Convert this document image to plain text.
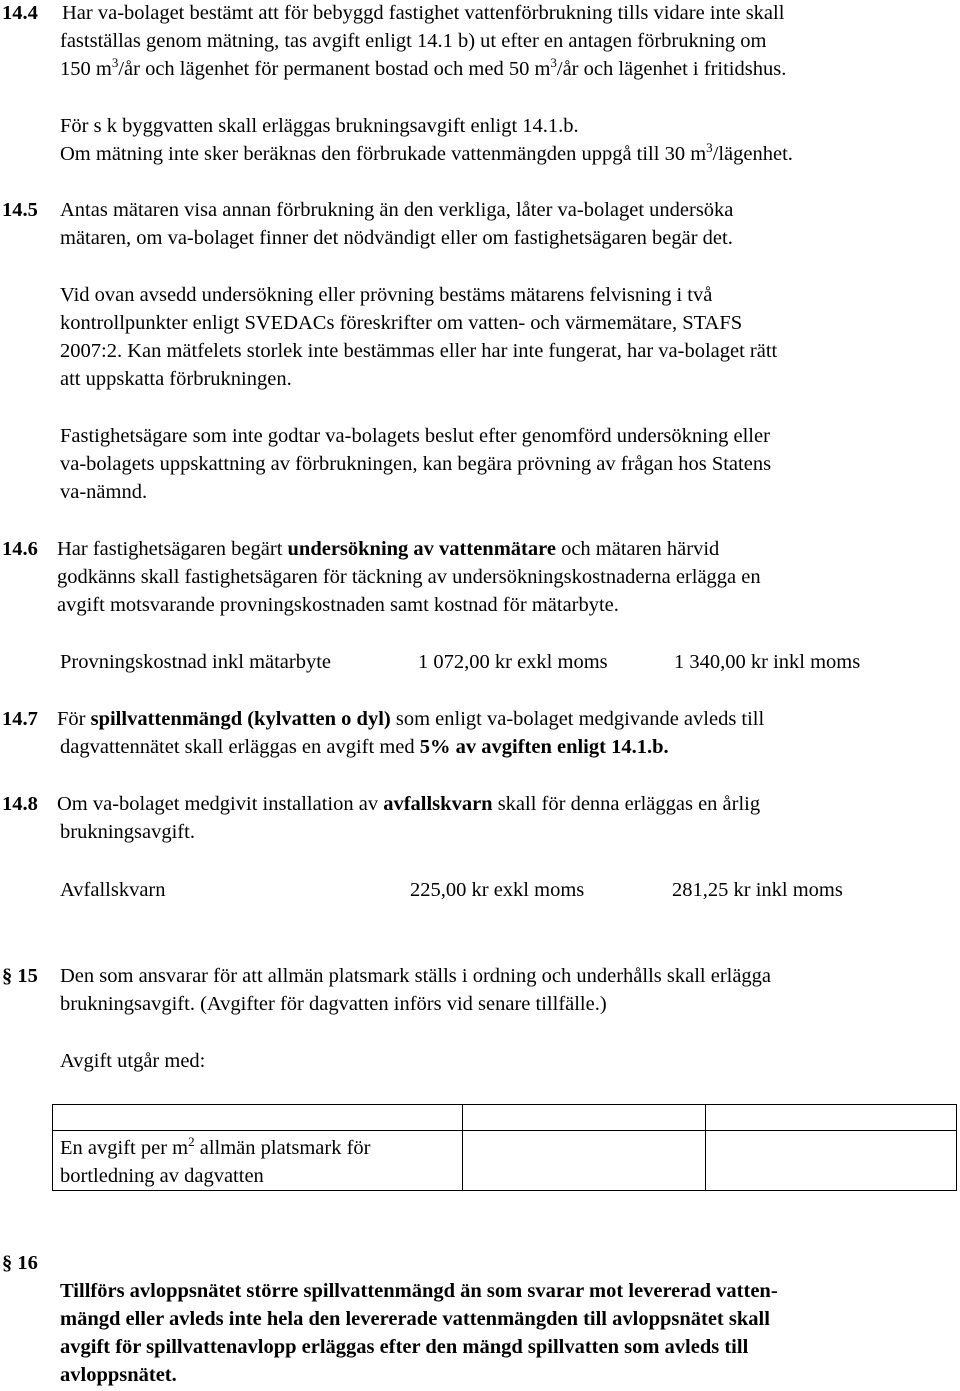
14.4 Har va-bolaget bestämt att för bebyggd fastighet vattenförbrukning tills vidare inte skall
fastställas genom mätning, tas avgift enligt 14.1 b) ut efter en antagen förbrukning om
150 $m^3/år$ och lägenhet för permanent bostad och med 50 $m^3/år$ och lägenhet i fritidshus.
För s k byggvatten skall erläggas brukningsavgift enligt 14.1.b.
Om mätning inte sker beräknas den förbrukade vattenmängden uppgå till 30 $m^3$/lägenhet.
14.5 Antas mätaren visa annan förbrukning än den verkliga, låter va-bolaget undersöka
mätaren, om va-bolaget finner det nödvändigt eller om fastighetsägaren begär det.
Vid ovan avsedd undersökning eller prövning bestäms mätarens felvisning i två
kontrollpunkter enligt SVEDACs föreskrifter om vatten- och värmemätare, STAFS
2007:2. Kan mätfelets storlek inte bestämmas eller har inte fungerat, har va-bolaget rätt
att uppskatta förbrukningen.
Fastighetsägare som inte godtar va-bolagets beslut efter genomförd undersökning eller
va-bolagets uppskattning av förbrukningen, kan begära prövning av frågan hos Statens
va-nämnd.
14.6 Har fastighetsägaren begärt undersökning av vattenmätare och mätaren härvid
godkänns skall fastighetsägaren för täckning av undersökningskostnaderna erlägga en
avgift motsvarande provningskostnaden samt kostnad för mätarbyte.
Provningskostnad inkl mätarbyte	1 072,00 kr exkl moms	1 340,00 kr inkl moms
14.7 För spillvattenmängd (kylvatten o dyl) som enligt va-bolaget medgivande avleds till
dagvattennätet skall erläggas en avgift med 5% av avgiften enligt 14.1.b.
14.8 Om va-bolaget medgivit installation av avfallskvarn skall för denna erläggas en årlig
brukningsavgift.
Avfallskvarn	225,00 kr exkl moms	281,25 kr inkl moms
§ 15 Den som ansvarar för att allmän platsmark ställs i ordning och underhålls skall erlägga
brukningsavgift. (Avgifter för dagvatten införs vid senare tillfälle.)
Avgift utgår med:

En avgift per $m^2$ allmän platsmark för
bortledning av dagvatten
§ 16
Tillförs avloppsnätet större spillvattenmängd än som svarar mot levererad vatten-
mängd eller avleds inte hela den levererade vattenmängden till avloppsnätet skall
avgift för spillvattenavlopp erläggas efter den mängd spillvatten som avleds till
avloppsnätet.
